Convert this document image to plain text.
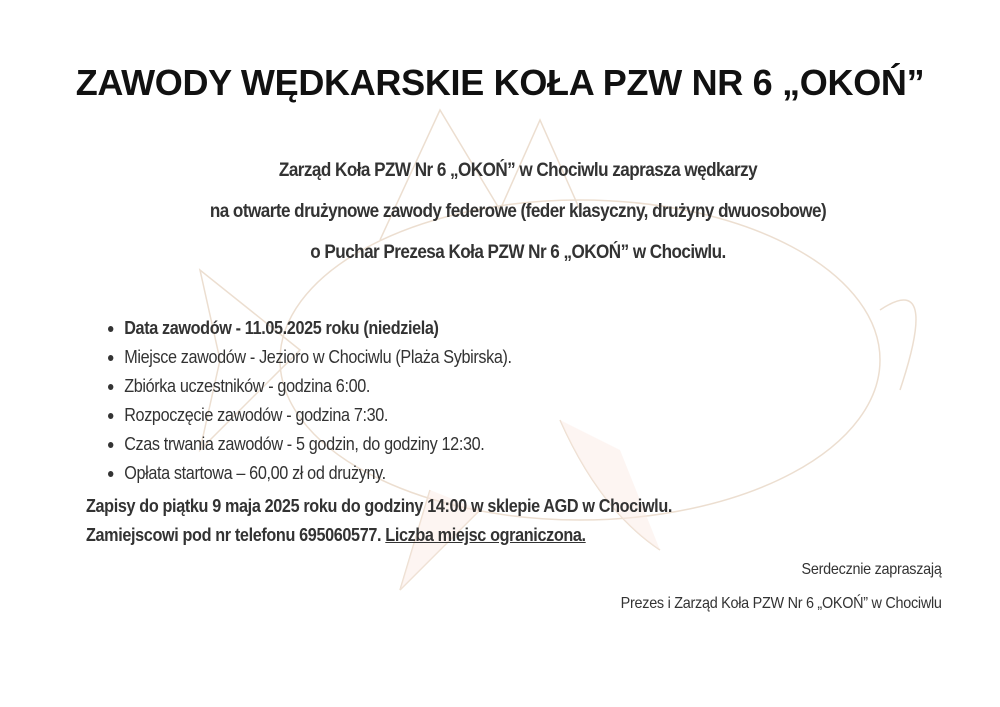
ZAWODY WĘDKARSKIE KOŁA PZW NR 6 „OKOŃ”
Zarząd Koła PZW Nr 6 „OKOŃ” w Chociwlu zaprasza wędkarzy
na otwarte drużynowe zawody federowe (feder klasyczny, drużyny dwuosobowe)
o Puchar Prezesa Koła PZW Nr 6 „OKOŃ” w Chociwlu.
Data zawodów - 11.05.2025 roku (niedziela)
Miejsce zawodów - Jezioro w Chociwlu (Plaża Sybirska).
Zbiórka uczestników - godzina 6:00.
Rozpoczęcie zawodów - godzina 7:30.
Czas trwania zawodów - 5 godzin, do godziny 12:30.
Opłata startowa – 60,00 zł od drużyny.
Zapisy do piątku 9 maja 2025 roku do godziny 14:00 w sklepie AGD w Chociwlu.
Zamiejscowi pod nr telefonu 695060577. Liczba miejsc ograniczona.
Serdecznie zapraszają
Prezes i Zarząd Koła PZW Nr 6 „OKOŃ” w Chociwlu
